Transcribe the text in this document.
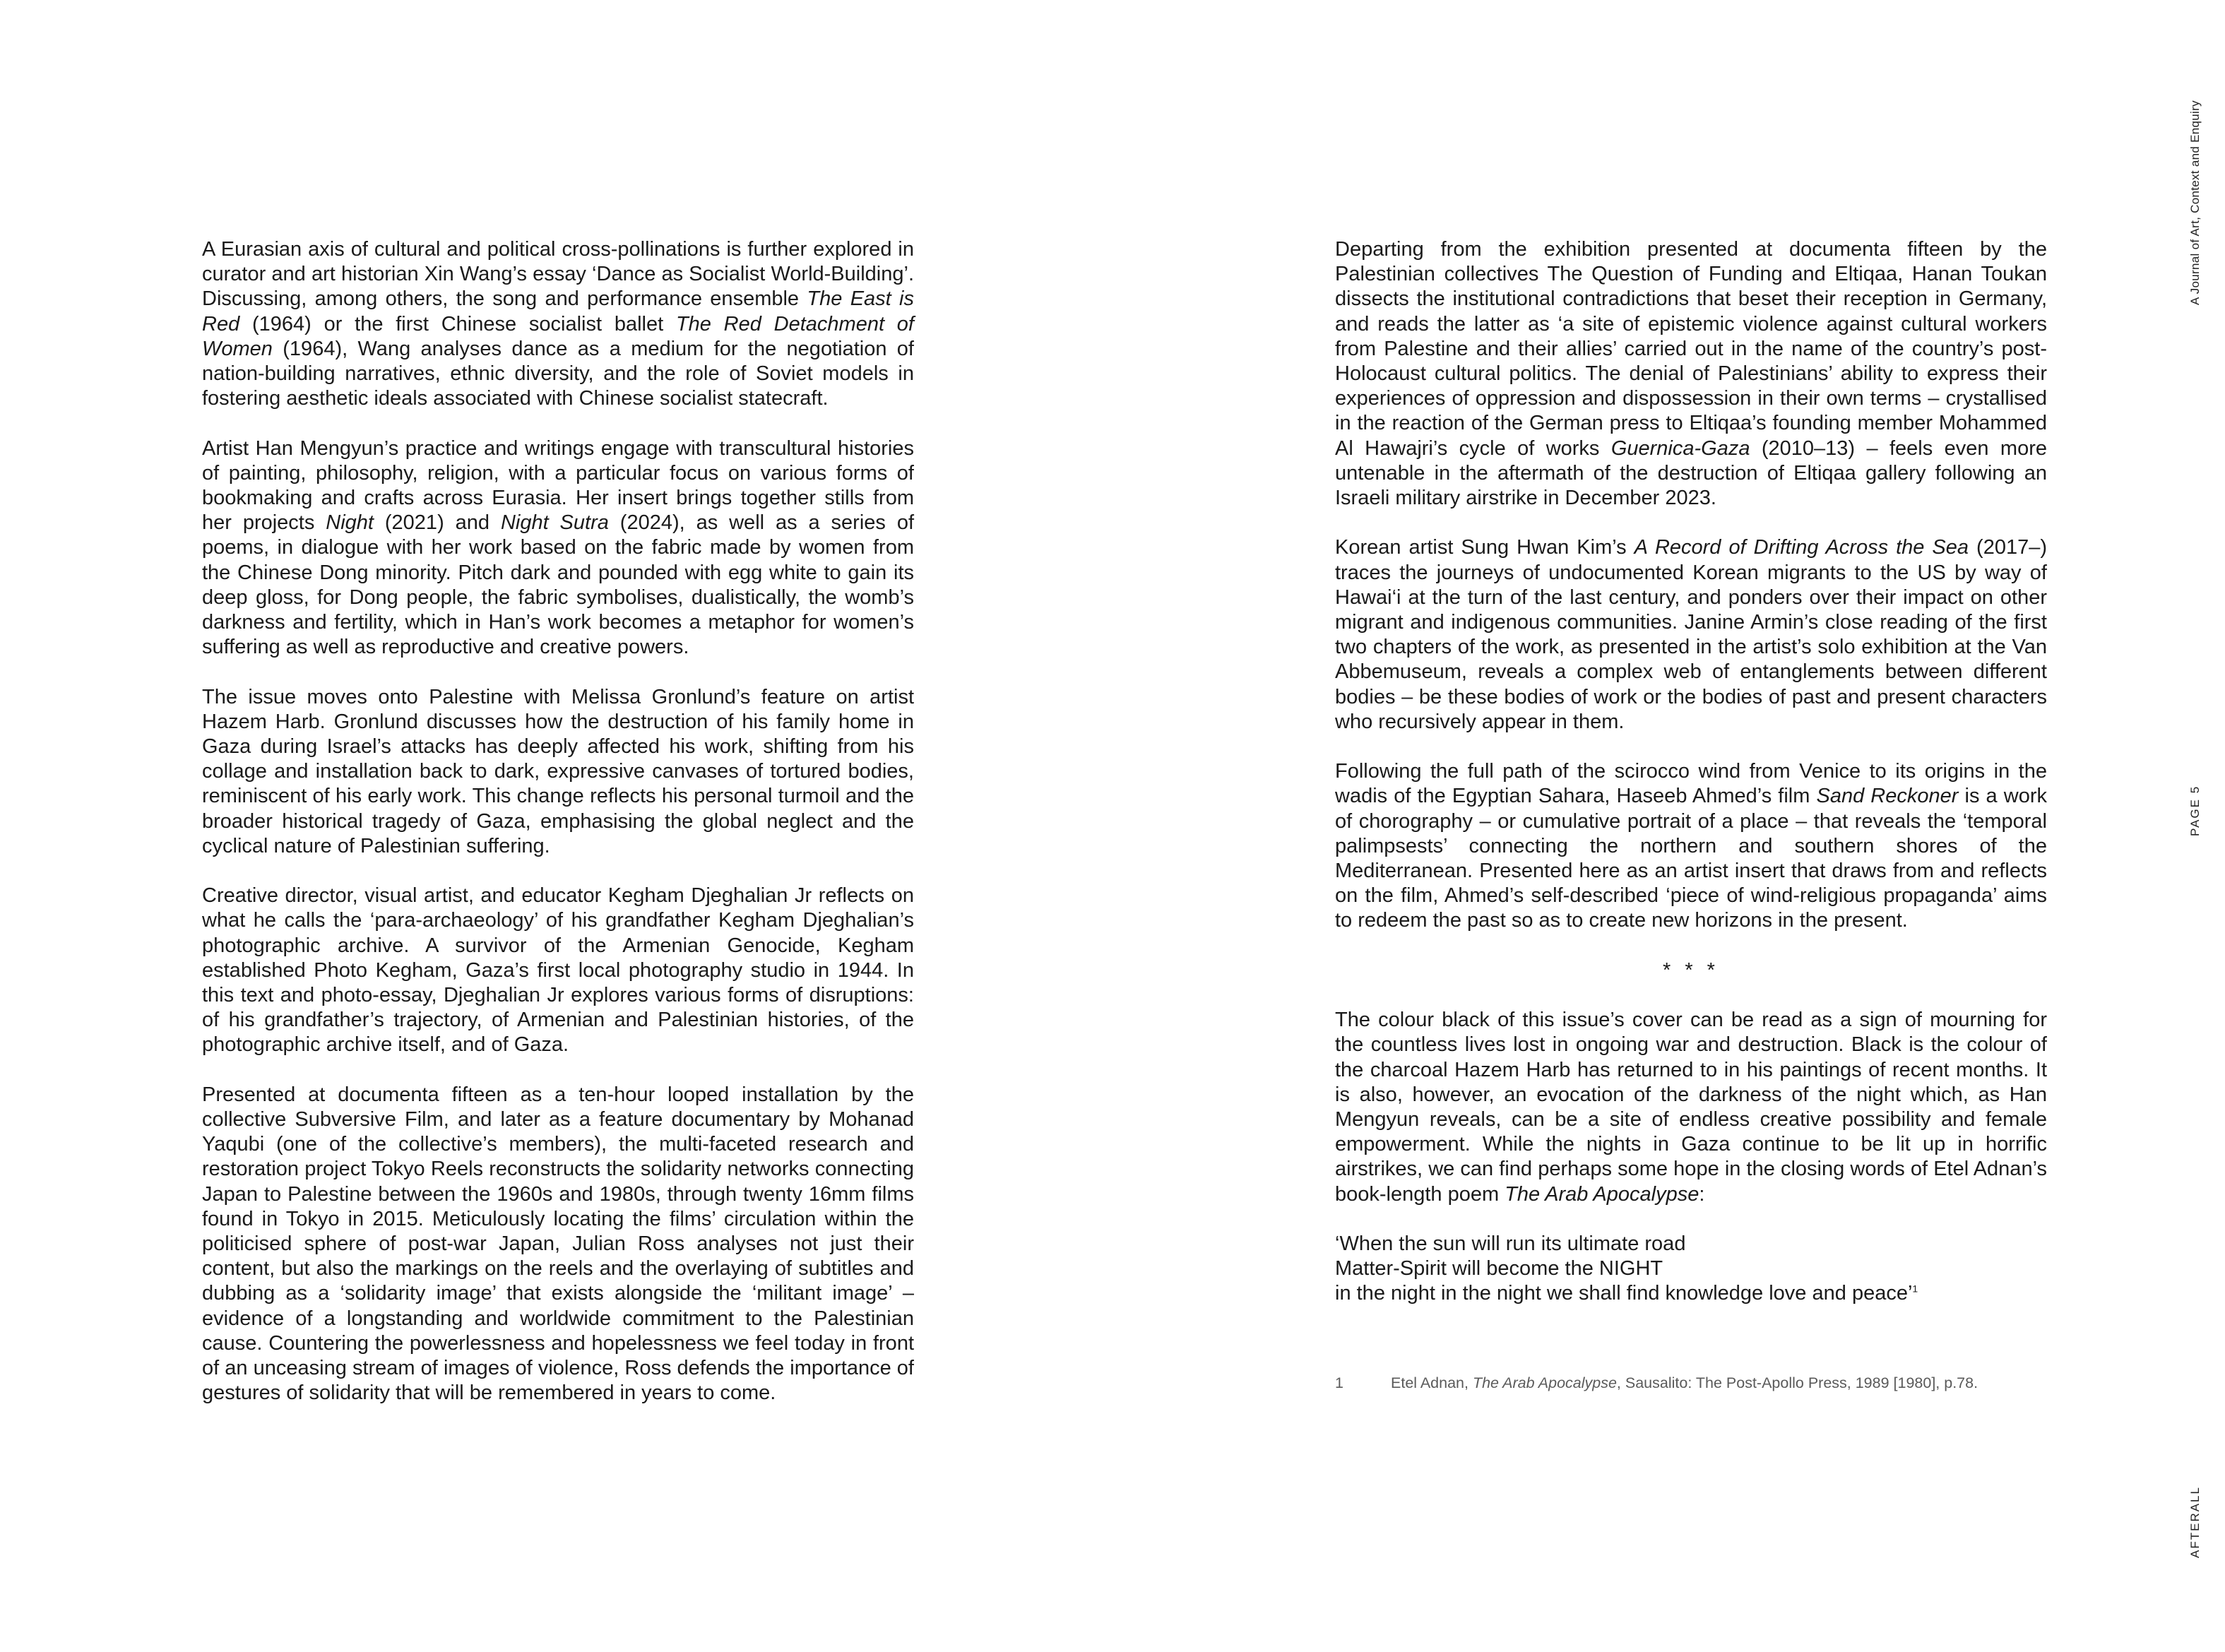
A Eurasian axis of cultural and political cross-pollinations is further explored in curator and art historian Xin Wang’s essay ‘Dance as Socialist World-Building’. Discussing, among others, the song and performance ensemble The East is Red (1964) or the first Chinese socialist ballet The Red Detachment of Women (1964), Wang analyses dance as a medium for the negotiation of nation-building narratives, ethnic diversity, and the role of Soviet models in fostering aesthetic ideals associated with Chinese socialist statecraft.

Artist Han Mengyun’s practice and writings engage with transcultural histories of painting, philosophy, religion, with a particular focus on various forms of bookmaking and crafts across Eurasia. Her insert brings together stills from her projects Night (2021) and Night Sutra (2024), as well as a series of poems, in dialogue with her work based on the fabric made by women from the Chinese Dong minority. Pitch dark and pounded with egg white to gain its deep gloss, for Dong people, the fabric symbolises, dualistically, the womb’s darkness and fertility, which in Han’s work becomes a metaphor for women’s suffering as well as reproductive and creative powers.

The issue moves onto Palestine with Melissa Gronlund’s feature on artist Hazem Harb. Gronlund discusses how the destruction of his family home in Gaza during Israel’s attacks has deeply affected his work, shifting from his collage and installation back to dark, expressive canvases of tortured bodies, reminiscent of his early work. This change reflects his personal turmoil and the broader historical tragedy of Gaza, emphasising the global neglect and the cyclical nature of Palestinian suffering.

Creative director, visual artist, and educator Kegham Djeghalian Jr reflects on what he calls the ‘para-archaeology’ of his grandfather Kegham Djeghalian’s photographic archive. A survivor of the Armenian Genocide, Kegham established Photo Kegham, Gaza’s first local photography studio in 1944. In this text and photo-essay, Djeghalian Jr explores various forms of disruptions: of his grandfather’s trajectory, of Armenian and Palestinian histories, of the photographic archive itself, and of Gaza.

Presented at documenta fifteen as a ten-hour looped installation by the collective Subversive Film, and later as a feature documentary by Mohanad Yaqubi (one of the collective’s members), the multi-faceted research and restoration project Tokyo Reels reconstructs the solidarity networks connecting Japan to Palestine between the 1960s and 1980s, through twenty 16mm films found in Tokyo in 2015. Meticulously locating the films’ circulation within the politicised sphere of post-war Japan, Julian Ross analyses not just their content, but also the markings on the reels and the overlaying of subtitles and dubbing as a ‘solidarity image’ that exists alongside the ‘militant image’ – evidence of a longstanding and worldwide commitment to the Palestinian cause. Countering the powerlessness and hopelessness we feel today in front of an unceasing stream of images of violence, Ross defends the importance of gestures of solidarity that will be remembered in years to come.

Departing from the exhibition presented at documenta fifteen by the Palestinian collectives The Question of Funding and Eltiqaa, Hanan Toukan dissects the institutional contradictions that beset their reception in Germany, and reads the latter as ‘a site of epistemic violence against cultural workers from Palestine and their allies’ carried out in the name of the country’s post-Holocaust cultural politics. The denial of Palestinians’ ability to express their experiences of oppression and dispossession in their own terms – crystallised in the reaction of the German press to Eltiqaa’s founding member Mohammed Al Hawajri’s cycle of works Guernica-Gaza (2010–13) – feels even more untenable in the aftermath of the destruction of Eltiqaa gallery following an Israeli military airstrike in December 2023.

Korean artist Sung Hwan Kim’s A Record of Drifting Across the Sea (2017–) traces the journeys of undocumented Korean migrants to the US by way of Hawai‘i at the turn of the last century, and ponders over their impact on other migrant and indigenous communities. Janine Armin’s close reading of the first two chapters of the work, as presented in the artist’s solo exhibition at the Van Abbemuseum, reveals a complex web of entanglements between different bodies – be these bodies of work or the bodies of past and present characters who recursively appear in them.

Following the full path of the scirocco wind from Venice to its origins in the wadis of the Egyptian Sahara, Haseeb Ahmed’s film Sand Reckoner is a work of chorography – or cumulative portrait of a place – that reveals the ‘temporal palimpsests’ connecting the northern and southern shores of the Mediterranean. Presented here as an artist insert that draws from and reflects on the film, Ahmed’s self-described ‘piece of wind-religious propaganda’ aims to redeem the past so as to create new horizons in the present.

* * *

The colour black of this issue’s cover can be read as a sign of mourning for the countless lives lost in ongoing war and destruction. Black is the colour of the charcoal Hazem Harb has returned to in his paintings of recent months. It is also, however, an evocation of the darkness of the night which, as Han Mengyun reveals, can be a site of endless creative possibility and female empowerment. While the nights in Gaza continue to be lit up in horrific airstrikes, we can find perhaps some hope in the closing words of Etel Adnan’s book-length poem The Arab Apocalypse:

‘When the sun will run its ultimate road
Matter-Spirit will become the NIGHT
in the night in the night we shall find knowledge love and peace’$^1$
1	Etel Adnan, The Arab Apocalypse, Sausalito: The Post-Apollo Press, 1989 [1980], p.78.
A Journal of Art, Context and Enquiry
PAGE 5
AFTERALL
